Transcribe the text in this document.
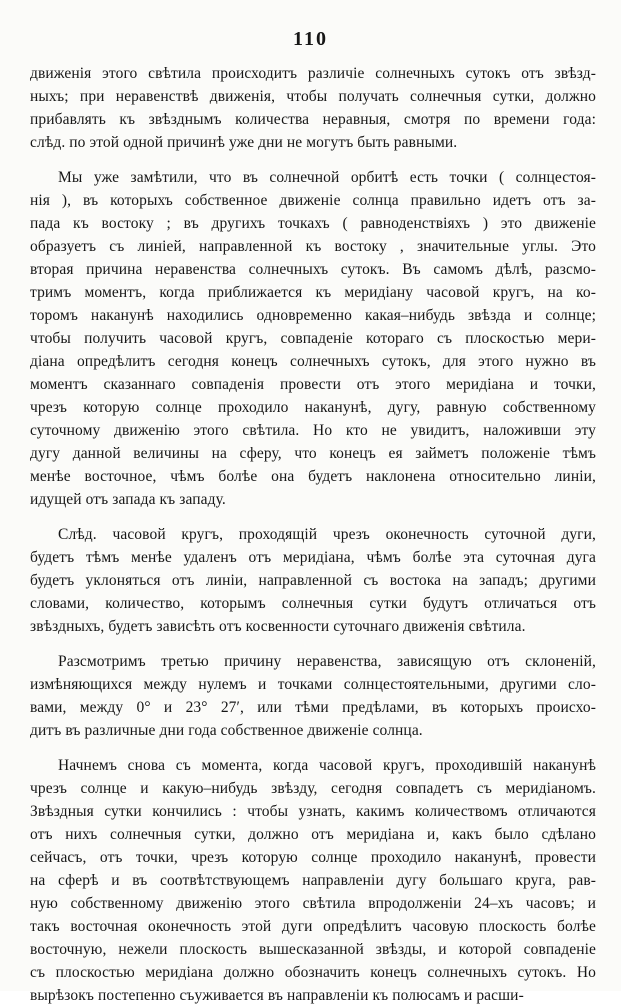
110
движенія этого свѣтила происходитъ различіе солнечныхъ сутокъ отъ звѣзд-
ныхъ; при неравенствѣ движенія, чтобы получать солнечныя сутки, должно
прибавлять къ звѣзднымъ количества неравныя, смотря по времени года:
слѣд. по этой одной причинѣ уже дни не могутъ быть равными.
Мы уже замѣтили, что въ солнечной орбитѣ есть точки ( солнцестоя-
нія ), въ которыхъ собственное движеніе солнца правильно идетъ отъ за-
пада къ востоку ; въ другихъ точкахъ ( равноденствіяхъ ) это движеніе
образуетъ съ линіей, направленной къ востоку , значительные углы. Это
вторая причина неравенства солнечныхъ сутокъ. Въ самомъ дѣлѣ, разсмо-
тримъ моментъ, когда приближается къ меридіану часовой кругъ, на ко-
торомъ наканунѣ находились одновременно какая–нибудь звѣзда и солнце;
чтобы получить часовой кругъ, совпаденіе котораго съ плоскостью мери-
діана опредѣлитъ сегодня конецъ солнечныхъ сутокъ, для этого нужно въ
моментъ сказаннаго совпаденія провести отъ этого меридіана и точки,
чрезъ которую солнце проходило наканунѣ, дугу, равную собственному
суточному движенію этого свѣтила. Но кто не увидитъ, наложивши эту
дугу данной величины на сферу, что конецъ ея займетъ положеніе тѣмъ
менѣе восточное, чѣмъ болѣе она будетъ наклонена относительно линіи,
идущей отъ запада къ западу.
Слѣд. часовой кругъ, проходящій чрезъ оконечность суточной дуги,
будетъ тѣмъ менѣе удаленъ отъ меридіана, чѣмъ болѣе эта суточная дуга
будетъ уклоняться отъ линіи, направленной съ востока на западъ; другими
словами, количество, которымъ солнечныя сутки будутъ отличаться отъ
звѣздныхъ, будетъ зависѣть отъ косвенности суточнаго движенія свѣтила.
Разсмотримъ третью причину неравенства, зависящую отъ склоненій,
измѣняющихся между нулемъ и точками солнцестоятельными, другими сло-
вами, между 0° и 23° 27′, или тѣми предѣлами, въ которыхъ происхо-
дитъ въ различные дни года собственное движеніе солнца.
Начнемъ снова съ момента, когда часовой кругъ, проходившій наканунѣ
чрезъ солнце и какую–нибудь звѣзду, сегодня совпадетъ съ меридіаномъ.
Звѣздныя сутки кончились : чтобы узнать, какимъ количествомъ отличаются
отъ нихъ солнечныя сутки, должно отъ меридіана и, какъ было сдѣлано
сейчасъ, отъ точки, чрезъ которую солнце проходило наканунѣ, провести
на сферѣ и въ соотвѣтствующемъ направленіи дугу большаго круга, рав-
ную собственному движенію этого свѣтила впродолженіи 24–хъ часовъ; и
такъ восточная оконечность этой дуги опредѣлитъ часовую плоскость болѣе
восточную, нежели плоскость вышесказанной звѣзды, и которой совпаденіе
съ плоскостью меридіана должно обозначить конецъ солнечныхъ сутокъ. Но
вырѣзокъ постепенно съуживается въ направленіи къ полюсамъ и расши-
